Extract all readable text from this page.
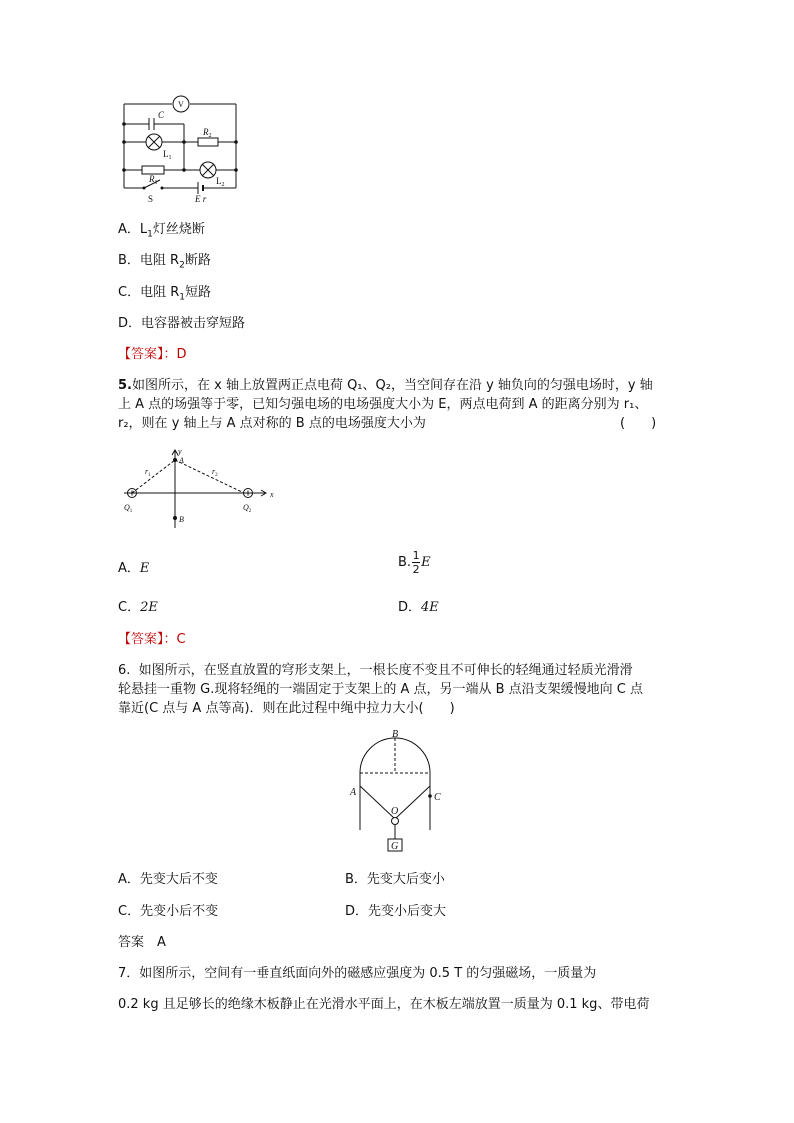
V
C
$R_2$
$L_1$
$R_1$	$L_2$
S	E r
A．$L_1$灯丝烧断
B．电阻 $R_2$断路
C．电阻 $R_1$短路
D．电容器被击穿短路
【答案】：D
5.如图所示，在 x 轴上放置两正点电荷 Q₁、Q₂，当空间存在沿 y 轴负向的匀强电场时，y 轴
上 A 点的场强等于零，已知匀强电场的电场强度大小为 E，两点电荷到 A 的距离分别为 r₁、
r₂，则在 y 轴上与 A 点对称的 B 点的电场强度大小为	(　　)
y
A
x
B
$r_1$	$r_2$
$Q_1$	$Q_2$
A．E	B. 1
2 E
C．2E	D．4E
【答案】：C
6. 如图所示，在竖直放置的穹形支架上，一根长度不变且不可伸长的轻绳通过轻质光滑滑
轮悬挂一重物 G.现将轻绳的一端固定于支架上的 A 点，另一端从 B 点沿支架缓慢地向 C 点
靠近(C 点与 A 点等高)．则在此过程中绳中拉力大小(　　)
B
A	C
O
G
A．先变大后不变	B．先变大后变小
C．先变小后不变	D．先变小后变大
答案　A
7．如图所示，空间有一垂直纸面向外的磁感应强度为 0.5 T 的匀强磁场，一质量为
0.2 kg 且足够长的绝缘木板静止在光滑水平面上，在木板左端放置一质量为 0.1 kg、带电荷
